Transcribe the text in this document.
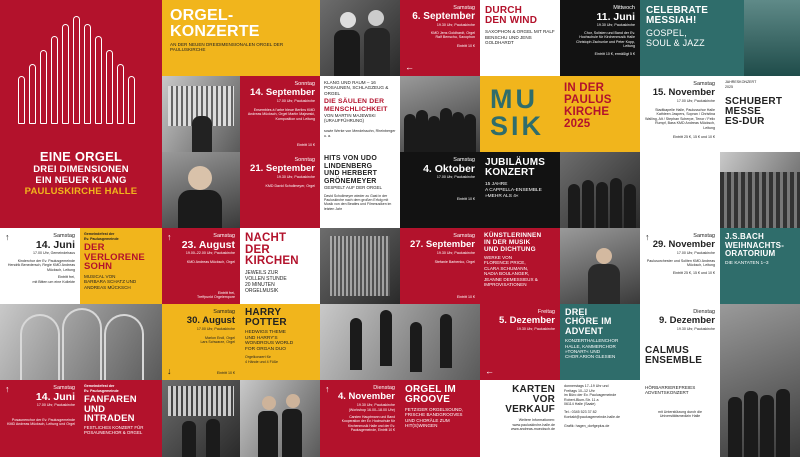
EINE ORGEL
DREI DIMENSIONEN
EIN NEUER KLANG
PAULUSKIRCHE HALLE
ORGEL-
KONZERTE
AN DER NEUEN DREIDIMENSIONALEN ORGEL DER PAULUSKIRCHE
Samstag
6. September
19.30 Uhr, Pauluskirche
KMD Jens Goldhardt, Orgel
Ralf Benschu, Saxophon
Eintritt 10 €
←
DURCH
DEN WIND
SAXOPHON & ORGEL MIT RALF BENSCHU UND JENS GOLDHARDT
Mittwoch
11. Juni
19.30 Uhr, Pauluskirche
Chor, Solisten und Band der Ev. Hochschule für Kirchenmusik Halle Christoph Zschunke und Peter Kopp, Leitung
Eintritt 10 €, ermäßigt 5 €
CELEBRATE
MESSIAH!
GOSPEL,
SOUL & JAZZ
Sonntag
14. September
17.00 Uhr, Pauluskirche
Ensembles à l'arbe bleue Berlins KMD Andreas Mücksch, Orgel Martin Majewski, Komposition und Leitung
Eintritt 10 €
KLANG UND RAUM – 16 POSAUNEN, SCHLAGZEUG & ORGEL
DIE SÄULEN DER
MENSCHLICHKEIT
VON MARTIN MAJEWSKI (URAUFFÜHRUNG)
sowie Werke von Mendelssohn, Rheinberger u. a.
MU
SIK
IN DER
PAULUS
KIRCHE
2025
Samstag
15. November
17.00 Uhr, Pauluskirche
Stadtkapelle Halle, Paulusschor Halle Kathleen Jaspers, Sopran / Christina Walling, Alt / Stephan Scherpe, Tenor / Felix Rumpf, Bass KMD Andreas Mücksch, Leitung
Eintritt 25 €, 15 € und 10 €
JAHRESKONZERT
2025
SCHUBERT
MESSE
ES-DUR
Sonntag
21. September
19.30 Uhr, Pauluskirche
KMD David Schollmeyer, Orgel
HITS VON UDO
LINDENBERG
UND HERBERT
GRÖNEMEYER
GESPIELT AUF DER ORGEL
David Schollmeyer wieder zu Gast in der Pauluskirche nach dem großen Erfolg mit Musik von den Beatles und Filmmusiken im letzten Jahr
Samstag
4. Oktober
17.00 Uhr, Pauluskirche
Eintritt 10 €
JUBILÄUMS
KONZERT
15 JAHRE
A CAPPELLA-ENSEMBLE
»MEHR ALS 4«
↑	Samstag
14. Juni
17.00 Uhr, Gemeindehaus
Kinderchor der Ev. Paulusgemeinde Hendrik Benedersch, Regie KMD Andreas Mücksch, Leitung
Eintritt frei,
mit Bitten um eine Kollekte
Gemeindefest der
Ev. Paulusgemeinde
DER
VERLORENE
SOHN
MUSICAL VON
BARBARA SCHATZ UND
ANDREAS MÜCKSCH
↑	Samstag
23. August
19.00–22.00 Uhr, Pauluskirche
KMD Andreas Mücksch, Orgel
Eintritt frei,
Treffpunkt Orgelempore
NACHT
DER
KIRCHEN
JEWEILS ZUR
VOLLEN STUNDE
20 MINUTEN
ORGELMUSIK
Samstag
27. September
19.30 Uhr, Pauluskirche
Stefanie Barbenko, Orgel
Eintritt 10 €
KÜNSTLERINNEN
IN DER MUSIK
UND DICHTUNG
WERKE VON
FLORENCE PRICE,
CLARA SCHUMANN,
NADIA BOULANGER,
JEANNE DEMESSIEUX &
IMPROVISATIONEN
↑	Samstag
29. November
17.00 Uhr, Pauluskirche
Paulusorchester und Soliten KMD Andreas Mücksch, Leitung
Eintritt 25 €, 15 € und 10 €
J.S.BACH
WEIHNACHTS-
ORATORIUM
DIE KANTATEN 1–3
Samstag
30. August
17.00 Uhr, Pauluskirche
Marlon Endl, Orgel
Lars Schwarze, Orgel
Eintritt 10 €
↓
HARRY
POTTER
HEDWIGS THEME
UND HARRY'S
WONDROUS WORLD
FOR ORGAN DUO
Orgelkonzert für
4 Hände und 4 Füße
Freitag
5. Dezember
19.30 Uhr, Pauluskirche
←
DREI
CHÖRE IM
ADVENT
KONZERTHALLENCHOR
HALLE, KAMMERCHOR
»TONART« UND
CHOR ARION GLESIEN
Dienstag
9. Dezember
19.30 Uhr, Pauluskirche
CALMUS
ENSEMBLE
↑	Samstag
14. Juni
17.00 Uhr, Pauluskirche
Posaunenchor der Ev. Paulusgemeinde KMD Andreas Mücksch, Leitung und Orgel
Gemeindefest der
Ev. Paulusgemeinde
FANFAREN
UND
INTRADEN
FESTLICHES KONZERT FÜR
POSAUNENCHOR & ORGEL
↑	Dienstag
4. November
19.30 Uhr, Pauluskirche
(Workshop 16.00–18.00 Uhr)
Carsten Hauptmann und Band
Kooperation der Ev. Hochschule für Kirchenmusik Halle und der Ev. Paulusgemeinde, Eintritt 10 €
ORGEL IM
GROOVE
FETZIGER ORGELSOUND,
FRISCHE BANDGROOVES
UND CHORÄLE ZUM
HIT(S)WINGEN
KARTEN
VOR
VERKAUF
Weitere Informationen:
www.pauluskirche-halle.de
www.andreas-muecksch.de
donnerstags 17–19 Uhr und
Freitags 10–12 Uhr
im Büro der Ev. Paulusgemeinde
Robert-Blum-Str. 11 a
06114 Halle (Saale)
Tel.: 0345 523 37 82
Kontakt@paulusgemeinde-halle.de
Grafik: hagen_dorfgeplus.de
HÖRBARRIEREFREIES ADVENTSKONZERT
mit Unterstützung durch die
Universitätsmedizin Halle
